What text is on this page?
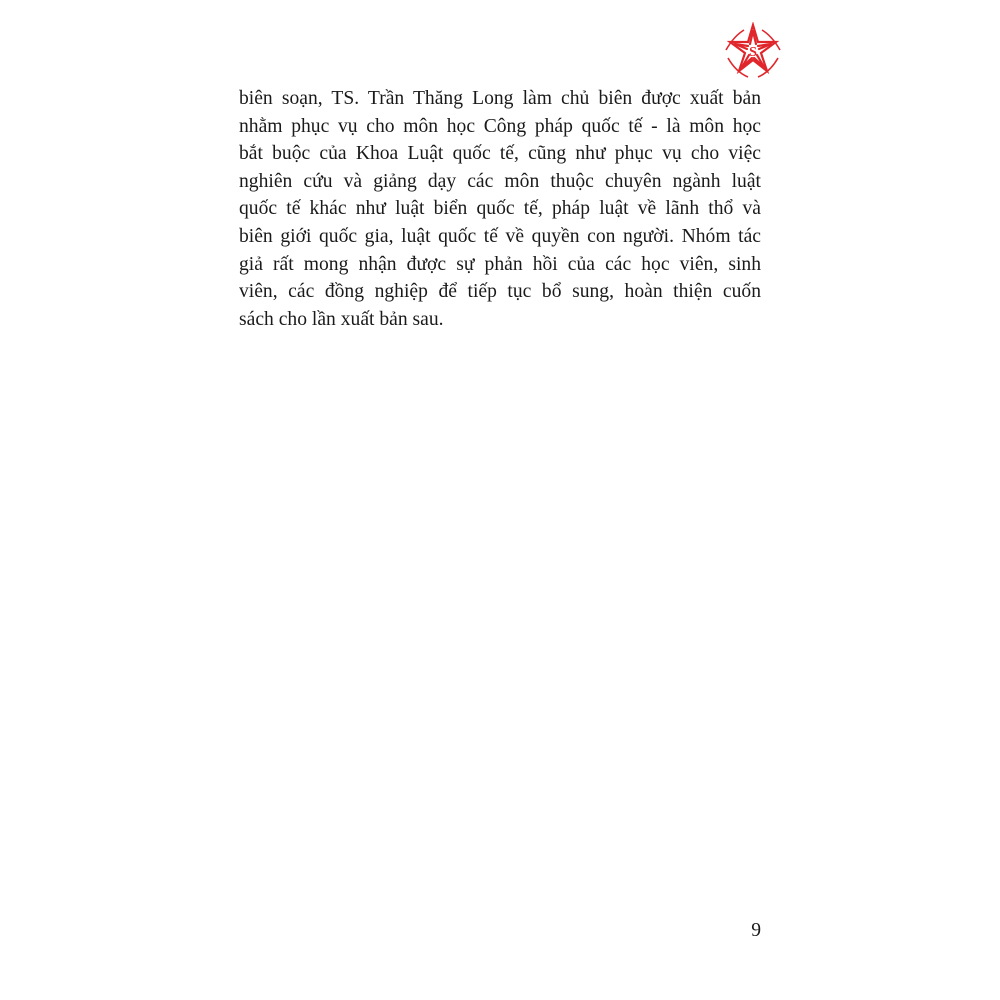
S
biên soạn, TS. Trần Thăng Long làm chủ biên được xuất bản
nhằm phục vụ cho môn học Công pháp quốc tế - là môn học
bắt buộc của Khoa Luật quốc tế, cũng như phục vụ cho việc
nghiên cứu và giảng dạy các môn thuộc chuyên ngành luật
quốc tế khác như luật biển quốc tế, pháp luật về lãnh thổ và
biên giới quốc gia, luật quốc tế về quyền con người. Nhóm tác
giả rất mong nhận được sự phản hồi của các học viên, sinh
viên, các đồng nghiệp để tiếp tục bổ sung, hoàn thiện cuốn
sách cho lần xuất bản sau.
9
